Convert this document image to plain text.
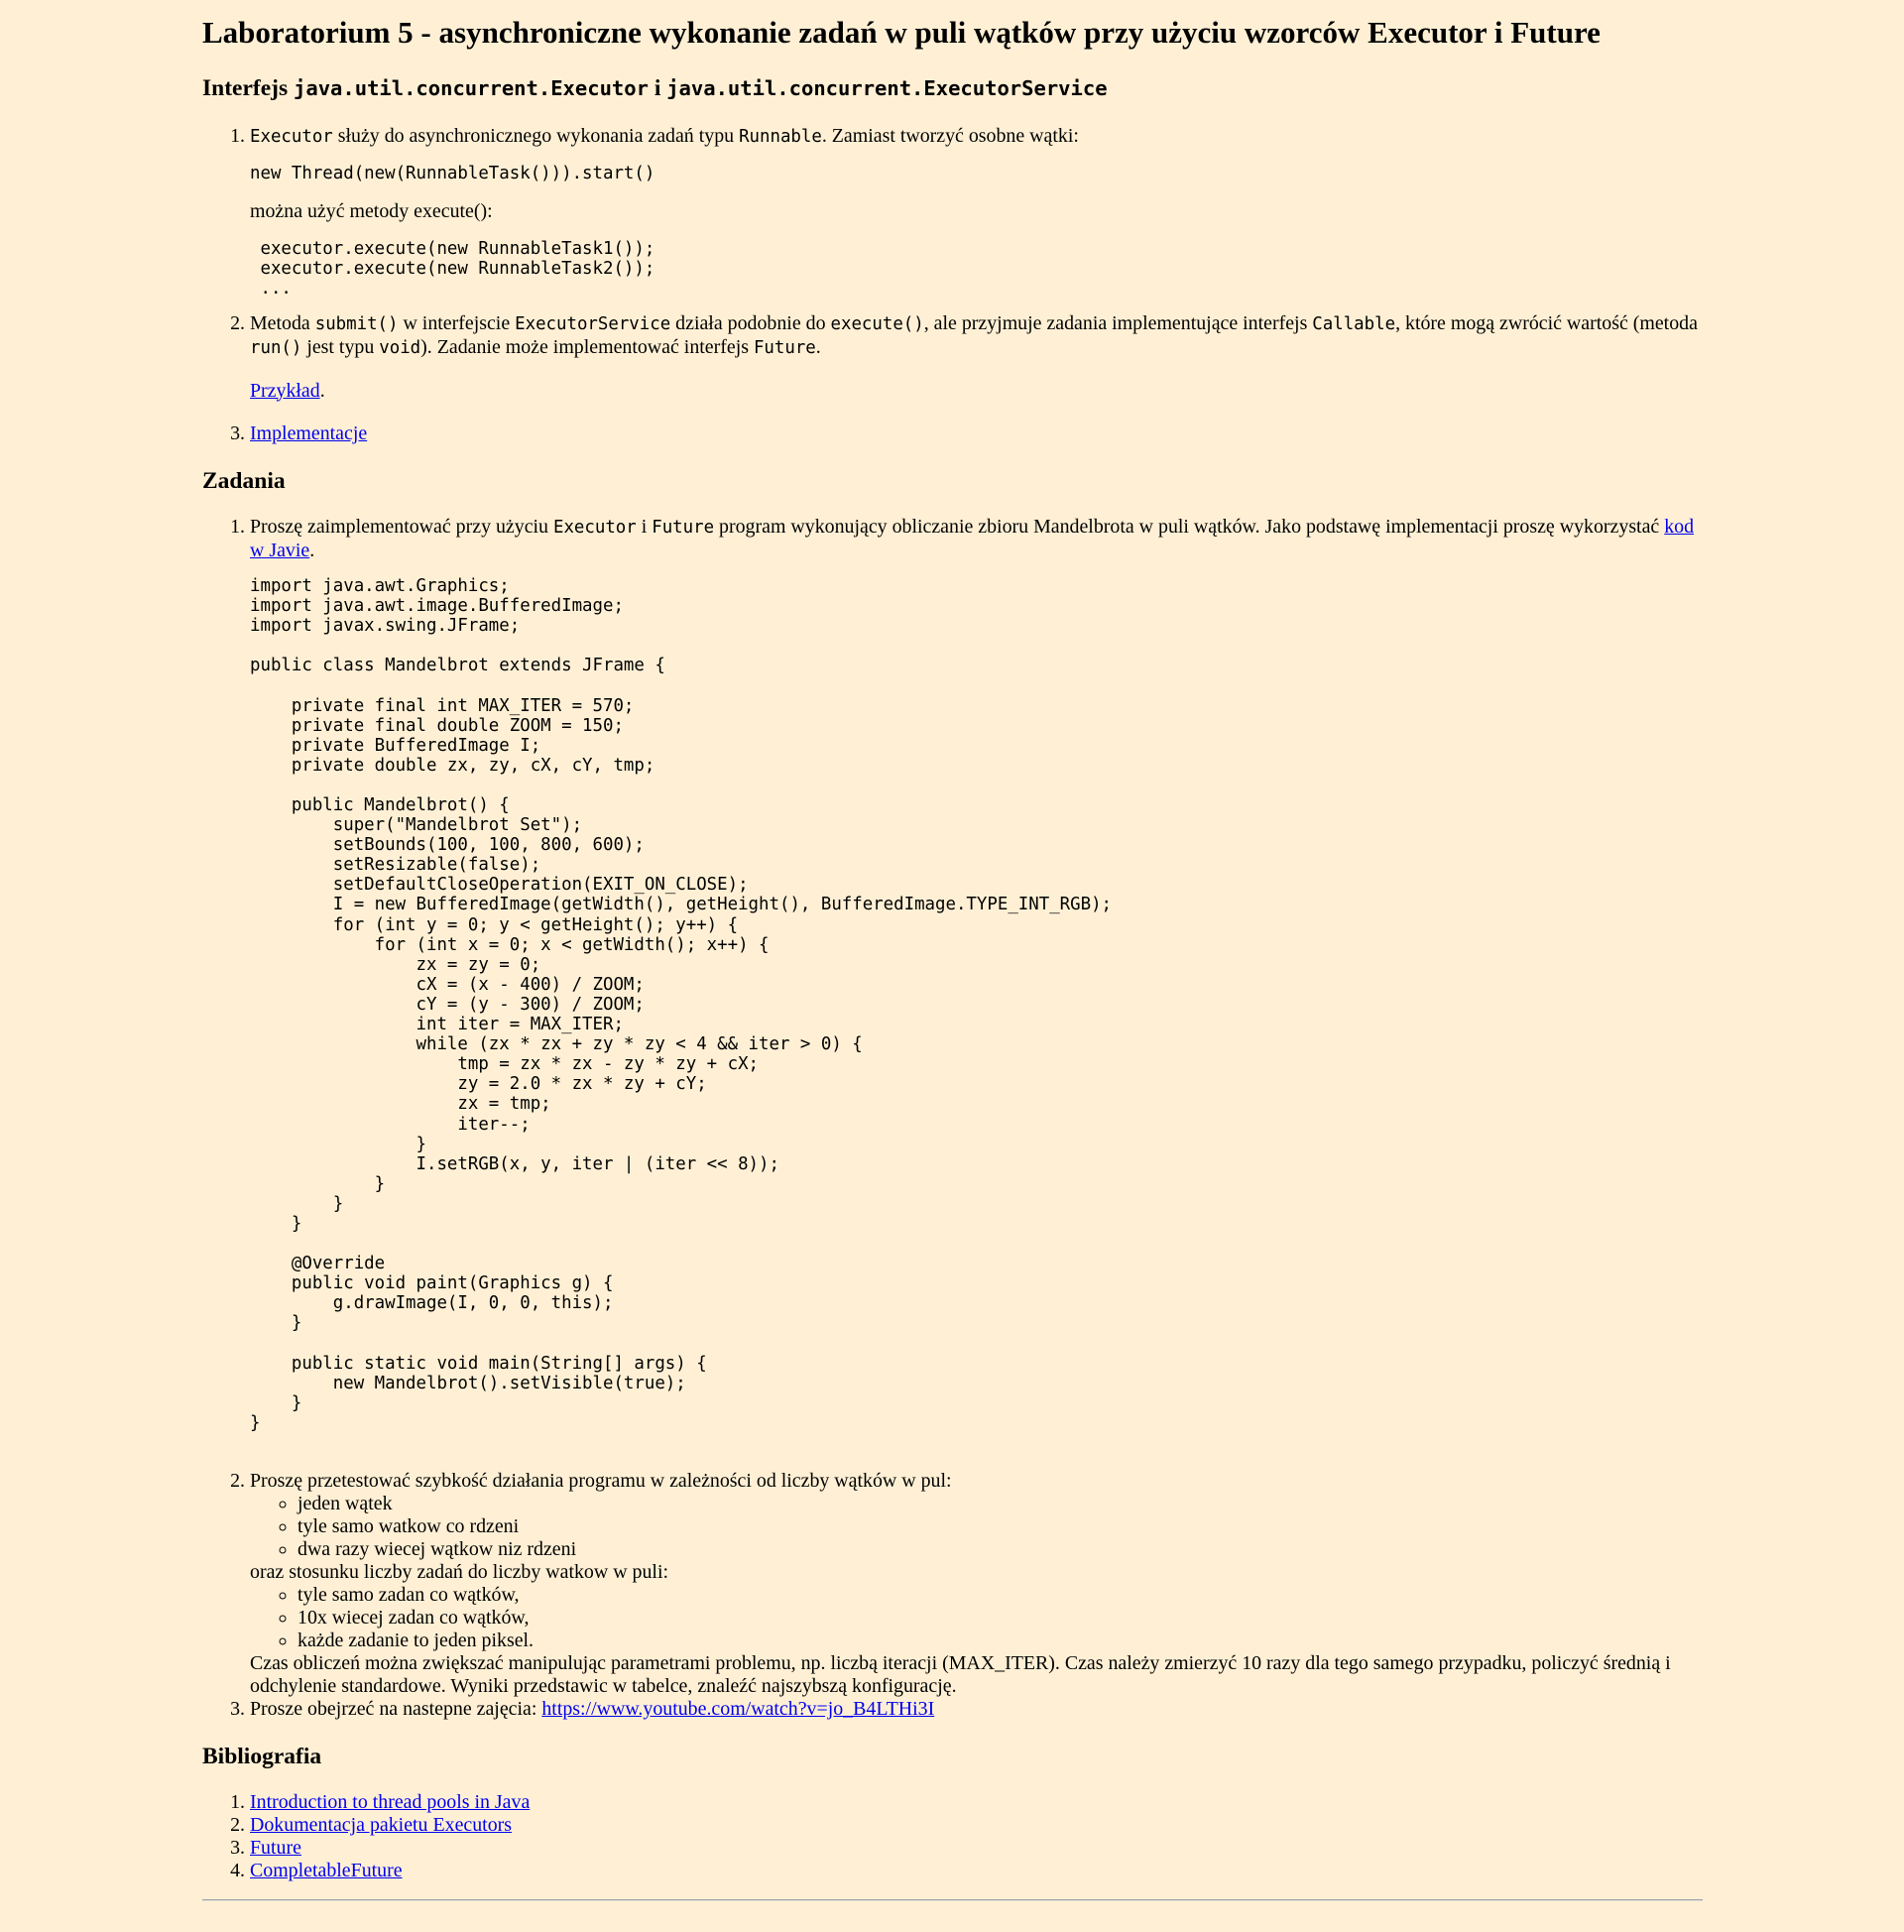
Laboratorium 5 - asynchroniczne wykonanie zadań w puli wątków przy użyciu wzorców Executor i Future
Interfejs java.util.concurrent.Executor i java.util.concurrent.ExecutorService

1. Executor służy do asynchronicznego wykonania zadań typu Runnable. Zamiast tworzyć osobne wątki:

new Thread(new(RunnableTask())).start()

można użyć metody execute():

executor.execute(new RunnableTask1());
executor.execute(new RunnableTask2());
...

2. Metoda submit() w interfejscie ExecutorService działa podobnie do execute(), ale przyjmuje zadania implementujące interfejs Callable, które mogą zwrócić wartość (metoda run() jest typu void). Zadanie może implementować interfejs Future.

Przykład.

3. Implementacje
Zadania

1. Proszę zaimplementować przy użyciu Executor i Future program wykonujący obliczanie zbioru Mandelbrota w puli wątków. Jako podstawę implementacji proszę wykorzystać kod w Javie.

import java.awt.Graphics;
import java.awt.image.BufferedImage;
import javax.swing.JFrame;

public class Mandelbrot extends JFrame {

private final int MAX_ITER = 570;
private final double ZOOM = 150;
private BufferedImage I;
private double zx, zy, cX, cY, tmp;

public Mandelbrot() {
super("Mandelbrot Set");
setBounds(100, 100, 800, 600);
setResizable(false);
setDefaultCloseOperation(EXIT_ON_CLOSE);
I = new BufferedImage(getWidth(), getHeight(), BufferedImage.TYPE_INT_RGB);
for (int y = 0; y < getHeight(); y++) {
for (int x = 0; x < getWidth(); x++) {
zx = zy = 0;
cX = (x - 400) / ZOOM;
cY = (y - 300) / ZOOM;
int iter = MAX_ITER;
while (zx * zx + zy * zy < 4 && iter > 0) {
tmp = zx * zx - zy * zy + cX;
zy = 2.0 * zx * zy + cY;
zx = tmp;
iter--;
}
I.setRGB(x, y, iter | (iter << 8));
}
}
}

@Override
public void paint(Graphics g) {
g.drawImage(I, 0, 0, this);
}

public static void main(String[] args) {
new Mandelbrot().setVisible(true);
}
}
2. Proszę przetestować szybkość działania programu w zależności od liczby wątków w pul:
◦ jeden wątek
◦ tyle samo watkow co rdzeni
◦ dwa razy wiecej wątkow niz rdzeni
oraz stosunku liczby zadań do liczby watkow w puli:
◦ tyle samo zadan co wątków,
◦ 10x wiecej zadan co wątków,
◦ każde zadanie to jeden piksel.
Czas obliczeń można zwiększać manipulując parametrami problemu, np. liczbą iteracji (MAX_ITER). Czas należy zmierzyć 10 razy dla tego samego przypadku, policzyć średnią i odchylenie standardowe. Wyniki przedstawic w tabelce, znaleźć najszybszą konfigurację.
3. Prosze obejrzeć na nastepne zajęcia: https://www.youtube.com/watch?v=jo_B4LTHi3I
Bibliografia
1. Introduction to thread pools in Java
2. Dokumentacja pakietu Executors
3. Future
4. CompletableFuture
